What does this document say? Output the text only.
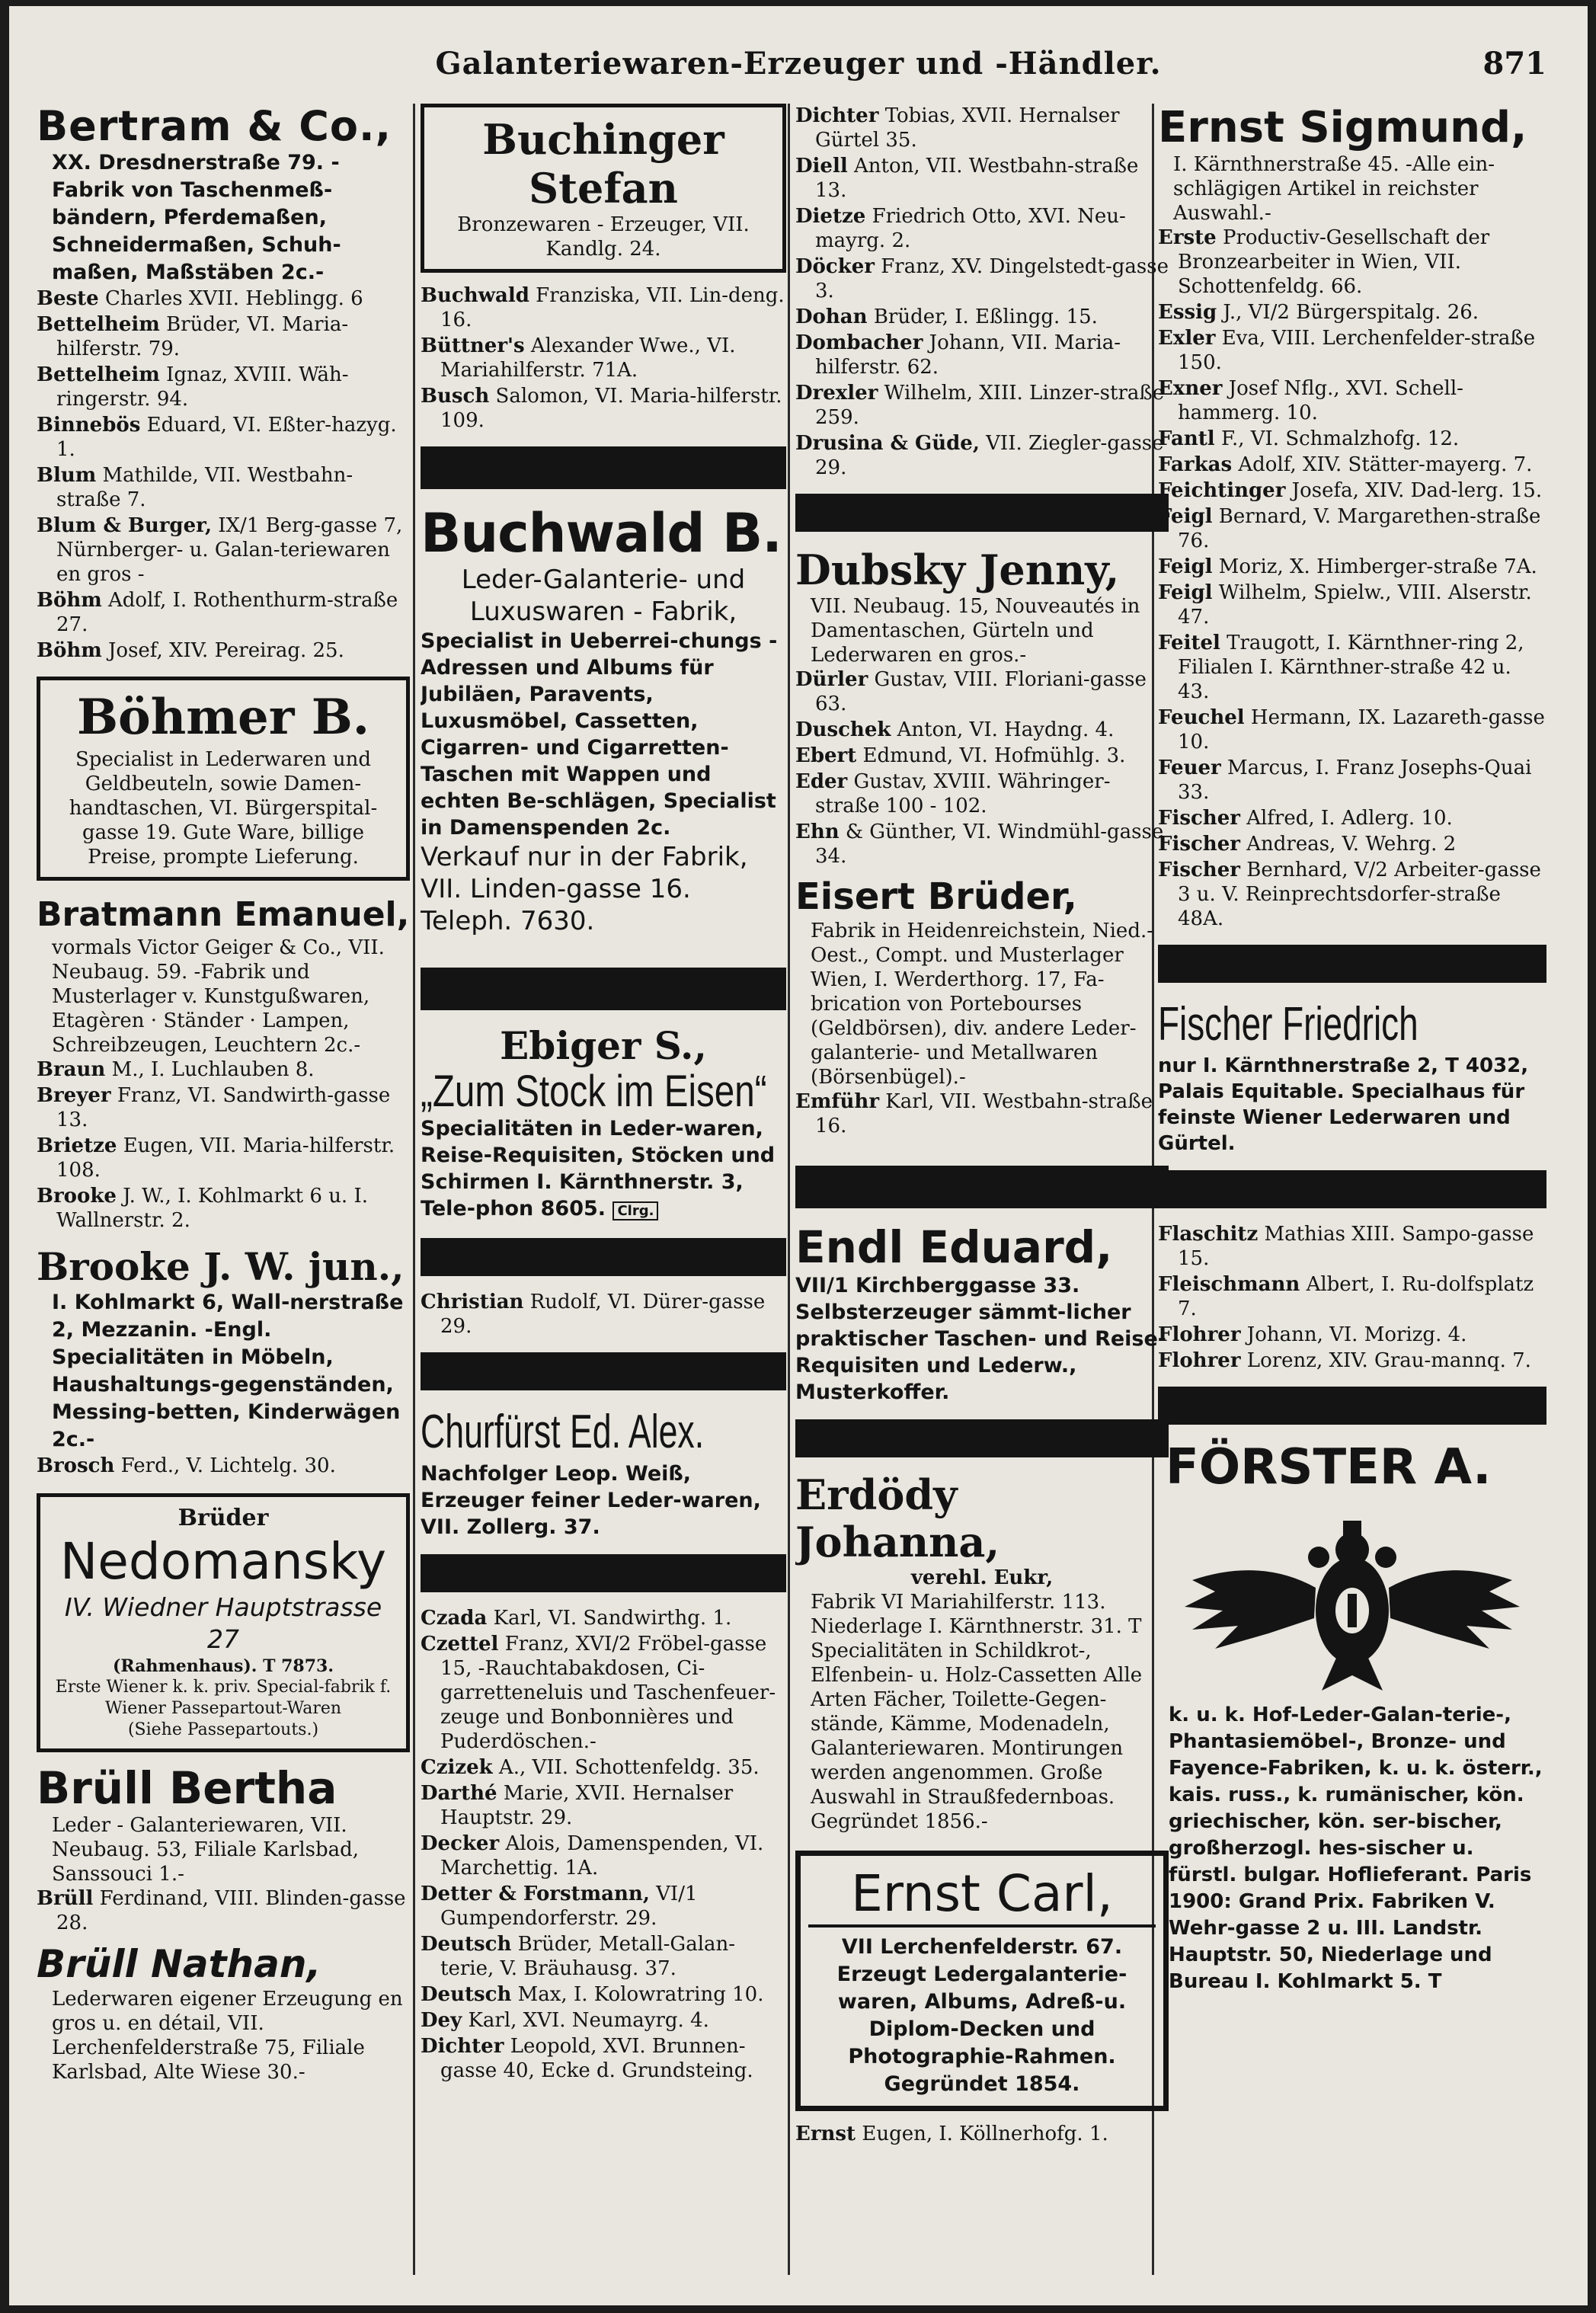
Galanteriewaren-Erzeuger und -Händler.	871
Bertram & Co.,
XX. Dresdnerstraße 79. -Fabrik von Taschenmeß-bändern, Pferdemaßen, Schneidermaßen, Schuh-maßen, Maßstäben 2c.-

Beste Charles XVII. Heblingg. 6

Bettelheim Brüder, VI. Maria-hilferstr. 79.

Bettelheim Ignaz, XVIII. Wäh-ringerstr. 94.

Binnebös Eduard, VI. Eßter-hazyg. 1.

Blum Mathilde, VII. Westbahn-straße 7.

Blum & Burger, IX/1 Berg-gasse 7, Nürnberger- u. Galan-teriewaren en gros -

Böhm Adolf, I. Rothenthurm-straße 27.

Böhm Josef, XIV. Pereirag. 25.

Böhmer B.
Specialist in Lederwaren und Geldbeuteln, sowie Damen-handtaschen, VI. Bürgerspital-gasse 19. Gute Ware, billige Preise, prompte Lieferung.
Bratmann Emanuel,
vormals Victor Geiger & Co., VII. Neubaug. 59. -Fabrik und Musterlager v. Kunstgußwaren, Etagèren · Ständer · Lampen, Schreibzeugen, Leuchtern 2c.-

Braun M., I. Luchlauben 8.

Breyer Franz, VI. Sandwirth-gasse 13.

Brietze Eugen, VII. Maria-hilferstr. 108.

Brooke J. W., I. Kohlmarkt 6 u. I. Wallnerstr. 2.

Brooke J. W. jun.,
I. Kohlmarkt 6, Wall-nerstraße 2, Mezzanin. -Engl. Specialitäten in Möbeln, Haushaltungs-gegenständen, Messing-betten, Kinderwägen 2c.-

Brosch Ferd., V. Lichtelg. 30.

Brüder
Nedomansky
IV. Wiedner Hauptstrasse 27
(Rahmenhaus). T 7873.
Erste Wiener k. k. priv. Special-fabrik f. Wiener Passepartout-Waren
(Siehe Passepartouts.)
Brüll Bertha
Leder - Galanteriewaren, VII. Neubaug. 53, Filiale Karlsbad, Sanssouci 1.-

Brüll Ferdinand, VIII. Blinden-gasse 28.

Brüll Nathan,
Lederwaren eigener Erzeugung en gros u. en détail, VII. Lerchenfelderstraße 75, Filiale Karlsbad, Alte Wiese 30.-
Buchinger Stefan
Bronzewaren - Erzeuger, VII. Kandlg. 24.

Buchwald Franziska, VII. Lin-deng. 16.

Büttner's Alexander Wwe., VI. Mariahilferstr. 71A.

Busch Salomon, VI. Maria-hilferstr. 109.

Buchwald B.
Leder-Galanterie- und Luxuswaren - Fabrik,
Specialist in Ueberrei-chungs - Adressen und Albums für Jubiläen, Paravents, Luxusmöbel, Cassetten, Cigarren- und Cigarretten-Taschen mit Wappen und echten Be-schlägen, Specialist in Damenspenden 2c.
Verkauf nur in der Fabrik, VII. Linden-gasse 16. Teleph. 7630.
Ebiger S.,
„Zum Stock im Eisen“
Specialitäten in Leder-waren, Reise-Requisiten, Stöcken und Schirmen I. Kärnthnerstr. 3, Tele-phon 8605. Clrg.

Christian Rudolf, VI. Dürer-gasse 29.

Churfürst Ed. Alex.
Nachfolger Leop. Weiß, Erzeuger feiner Leder-waren, VII. Zollerg. 37.

Czada Karl, VI. Sandwirthg. 1.

Czettel Franz, XVI/2 Fröbel-gasse 15, -Rauchtabakdosen, Ci-garretteneluis und Taschenfeuer-zeuge und Bonbonnières und Puderdöschen.-

Czizek A., VII. Schottenfeldg. 35.

Darthé Marie, XVII. Hernalser Hauptstr. 29.

Decker Alois, Damenspenden, VI. Marchettig. 1A.

Detter & Forstmann, VI/1 Gumpendorferstr. 29.

Deutsch Brüder, Metall-Galan-terie, V. Bräuhausg. 37.

Deutsch Max, I. Kolowratring 10.

Dey Karl, XVI. Neumayrg. 4.

Dichter Leopold, XVI. Brunnen-gasse 40, Ecke d. Grundsteing.

Dichter Tobias, XVII. Hernalser Gürtel 35.

Diell Anton, VII. Westbahn-straße 13.

Dietze Friedrich Otto, XVI. Neu-mayrg. 2.

Döcker Franz, XV. Dingelstedt-gasse 3.

Dohan Brüder, I. Eßlingg. 15.

Dombacher Johann, VII. Maria-hilferstr. 62.

Drexler Wilhelm, XIII. Linzer-straße 259.

Drusina & Güde, VII. Ziegler-gasse 29.

Dubsky Jenny,
VII. Neubaug. 15, Nouveautés in Damentaschen, Gürteln und Lederwaren en gros.-

Dürler Gustav, VIII. Floriani-gasse 63.

Duschek Anton, VI. Haydng. 4.

Ebert Edmund, VI. Hofmühlg. 3.

Eder Gustav, XVIII. Währinger-straße 100 - 102.

Ehn & Günther, VI. Windmühl-gasse 34.

Eisert Brüder,
Fabrik in Heidenreichstein, Nied.-Oest., Compt. und Musterlager Wien, I. Werderthorg. 17, Fa-brication von Portebourses (Geldbörsen), div. andere Leder-galanterie- und Metallwaren (Börsenbügel).-

Emführ Karl, VII. Westbahn-straße 16.

Endl Eduard,
VII/1 Kirchberggasse 33. Selbsterzeuger sämmt-licher praktischer Taschen- und Reise-Requisiten und Lederw., Musterkoffer.
Erdödy Johanna,
verehl. Eukr,
Fabrik VI Mariahilferstr. 113. Niederlage I. Kärnthnerstr. 31. T Specialitäten in Schildkrot-, Elfenbein- u. Holz-Cassetten Alle Arten Fächer, Toilette-Gegen-stände, Kämme, Modenadeln, Galanteriewaren. Montirungen werden angenommen. Große Auswahl in Straußfedernboas. Gegründet 1856.-
Ernst Carl,
VII Lerchenfelderstr. 67. Erzeugt Ledergalanterie-waren, Albums, Adreß-u. Diplom-Decken und Photographie-Rahmen. Gegründet 1854.

Ernst Eugen, I. Köllnerhofg. 1.

Ernst Sigmund,
I. Kärnthnerstraße 45. -Alle ein-schlägigen Artikel in reichster Auswahl.-

Erste Productiv-Gesellschaft der Bronzearbeiter in Wien, VII. Schottenfeldg. 66.

Essig J., VI/2 Bürgerspitalg. 26.

Exler Eva, VIII. Lerchenfelder-straße 150.

Exner Josef Nflg., XVI. Schell-hammerg. 10.

Fantl F., VI. Schmalzhofg. 12.

Farkas Adolf, XIV. Stätter-mayerg. 7.

Feichtinger Josefa, XIV. Dad-lerg. 15.

Feigl Bernard, V. Margarethen-straße 76.

Feigl Moriz, X. Himberger-straße 7A.

Feigl Wilhelm, Spielw., VIII. Alserstr. 47.

Feitel Traugott, I. Kärnthner-ring 2, Filialen I. Kärnthner-straße 42 u. 43.

Feuchel Hermann, IX. Lazareth-gasse 10.

Feuer Marcus, I. Franz Josephs-Quai 33.

Fischer Alfred, I. Adlerg. 10.

Fischer Andreas, V. Wehrg. 2

Fischer Bernhard, V/2 Arbeiter-gasse 3 u. V. Reinprechtsdorfer-straße 48A.

Fischer Friedrich
nur I. Kärnthnerstraße 2, T 4032, Palais Equitable. Specialhaus für feinste Wiener Lederwaren und Gürtel.

Flaschitz Mathias XIII. Sampo-gasse 15.

Fleischmann Albert, I. Ru-dolfsplatz 7.

Flohrer Johann, VI. Morizg. 4.

Flohrer Lorenz, XIV. Grau-mannq. 7.

FÖRSTER A.
k. u. k. Hof-Leder-Galan-terie-, Phantasiemöbel-, Bronze- und Fayence-Fabriken, k. u. k. österr., kais. russ., k. rumänischer, kön. griechischer, kön. ser-bischer, großherzogl. hes-sischer u. fürstl. bulgar. Hoflieferant. Paris 1900: Grand Prix. Fabriken V. Wehr-gasse 2 u. III. Landstr. Hauptstr. 50, Niederlage und Bureau I. Kohlmarkt 5. T
